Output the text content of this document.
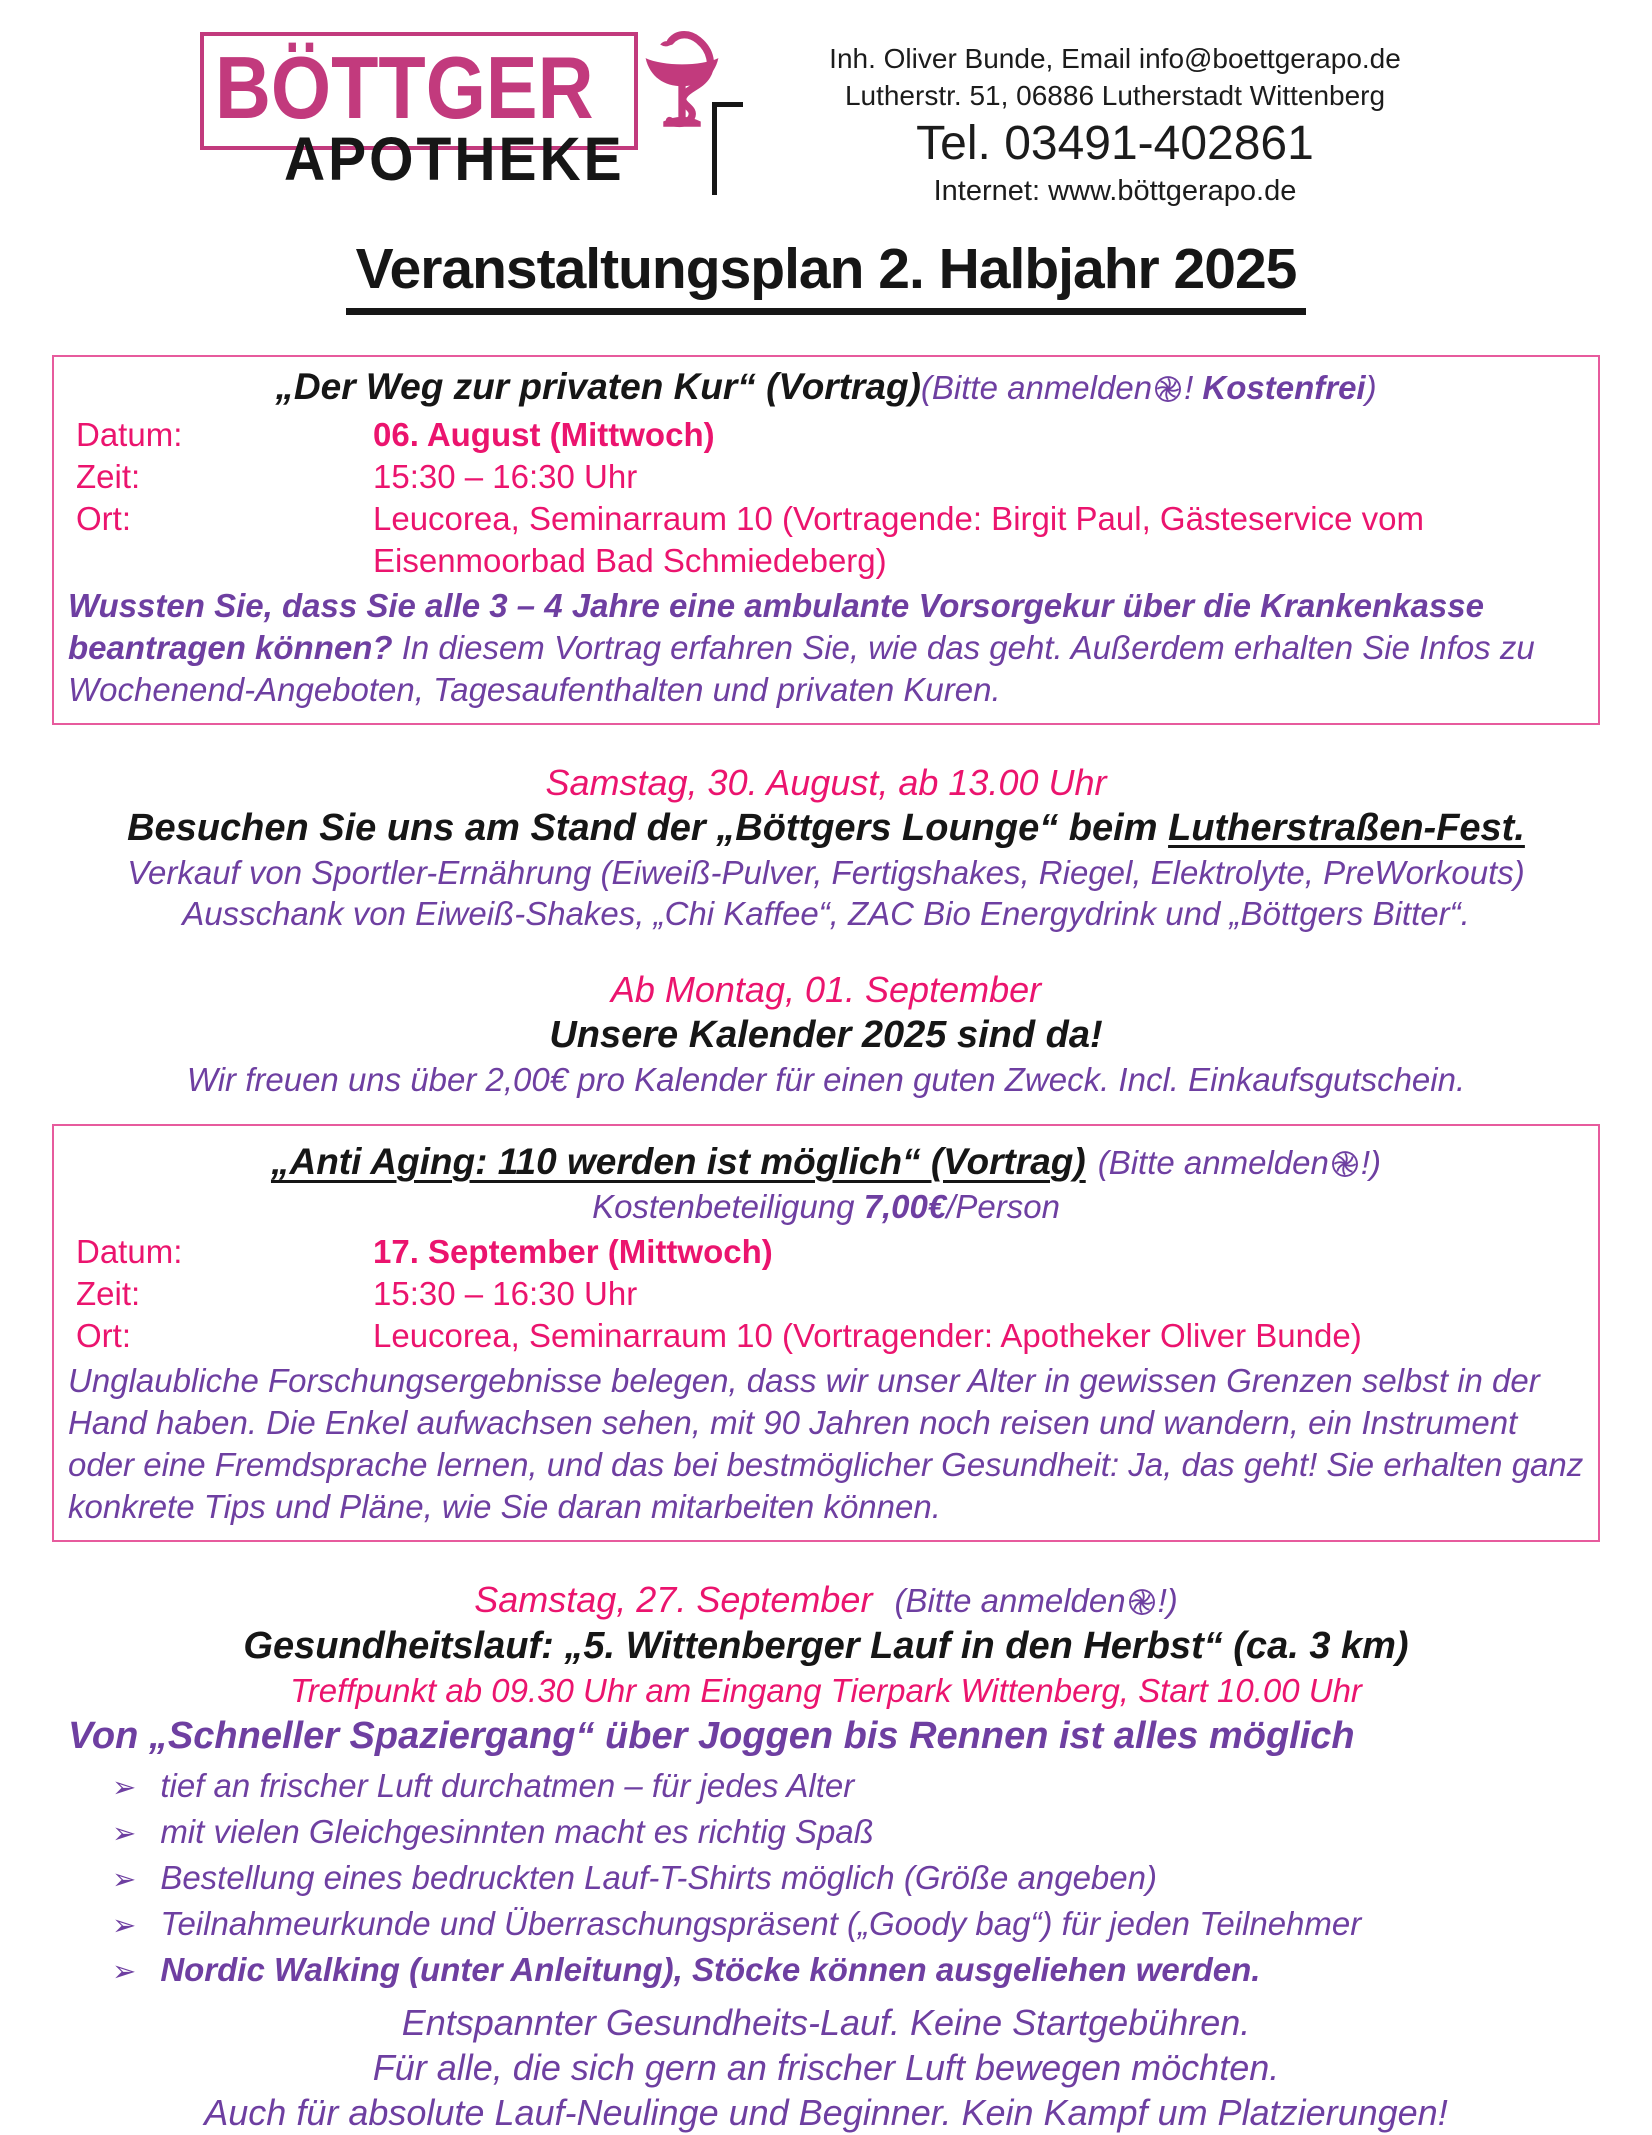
BÖTTGER
APOTHEKE
Inh. Oliver Bunde, Email info@boettgerapo.de
Lutherstr. 51, 06886 Lutherstadt Wittenberg
Tel. 03491-402861
Internet: www.böttgerapo.de
Veranstaltungsplan 2. Halbjahr 2025
„Der Weg zur privaten Kur“ (Vortrag)(Bitte anmelden ! Kostenfrei)
Datum:	06. August (Mittwoch)
Zeit:	15:30 – 16:30 Uhr
Ort:	Leucorea, Seminarraum 10 (Vortragende: Birgit Paul, Gästeservice vom Eisenmoorbad Bad Schmiedeberg)
Wussten Sie, dass Sie alle 3 – 4 Jahre eine ambulante Vorsorgekur über die Krankenkasse beantragen können? In diesem Vortrag erfahren Sie, wie das geht. Außerdem erhalten Sie Infos zu Wochenend-Angeboten, Tagesaufenthalten und privaten Kuren.
Samstag, 30. August, ab 13.00 Uhr
Besuchen Sie uns am Stand der „Böttgers Lounge“ beim Lutherstraßen-Fest.
Verkauf von Sportler-Ernährung (Eiweiß-Pulver, Fertigshakes, Riegel, Elektrolyte, PreWorkouts)
Ausschank von Eiweiß-Shakes, „Chi Kaffee“, ZAC Bio Energydrink und „Böttgers Bitter“.
Ab Montag, 01. September
Unsere Kalender 2025 sind da!
Wir freuen uns über 2,00€ pro Kalender für einen guten Zweck. Incl. Einkaufsgutschein.
„Anti Aging: 110 werden ist möglich“ (Vortrag) (Bitte anmelden !)
Kostenbeteiligung 7,00€/Person
Datum:	17. September (Mittwoch)
Zeit:	15:30 – 16:30 Uhr
Ort:	Leucorea, Seminarraum 10 (Vortragender: Apotheker Oliver Bunde)
Unglaubliche Forschungsergebnisse belegen, dass wir unser Alter in gewissen Grenzen selbst in der Hand haben. Die Enkel aufwachsen sehen, mit 90 Jahren noch reisen und wandern, ein Instrument oder eine Fremdsprache lernen, und das bei bestmöglicher Gesundheit: Ja, das geht! Sie erhalten ganz konkrete Tips und Pläne, wie Sie daran mitarbeiten können.
Samstag, 27. September (Bitte anmelden !)
Gesundheitslauf: „5. Wittenberger Lauf in den Herbst“ (ca. 3 km)
Treffpunkt ab 09.30 Uhr am Eingang Tierpark Wittenberg, Start 10.00 Uhr
Von „Schneller Spaziergang“ über Joggen bis Rennen ist alles möglich
➢ tief an frischer Luft durchatmen – für jedes Alter
➢ mit vielen Gleichgesinnten macht es richtig Spaß
➢ Bestellung eines bedruckten Lauf-T-Shirts möglich (Größe angeben)
➢ Teilnahmeurkunde und Überraschungspräsent („Goody bag“) für jeden Teilnehmer
➢ Nordic Walking (unter Anleitung), Stöcke können ausgeliehen werden.
Entspannter Gesundheits-Lauf. Keine Startgebühren.
Für alle, die sich gern an frischer Luft bewegen möchten.
Auch für absolute Lauf-Neulinge und Beginner. Kein Kampf um Platzierungen!
